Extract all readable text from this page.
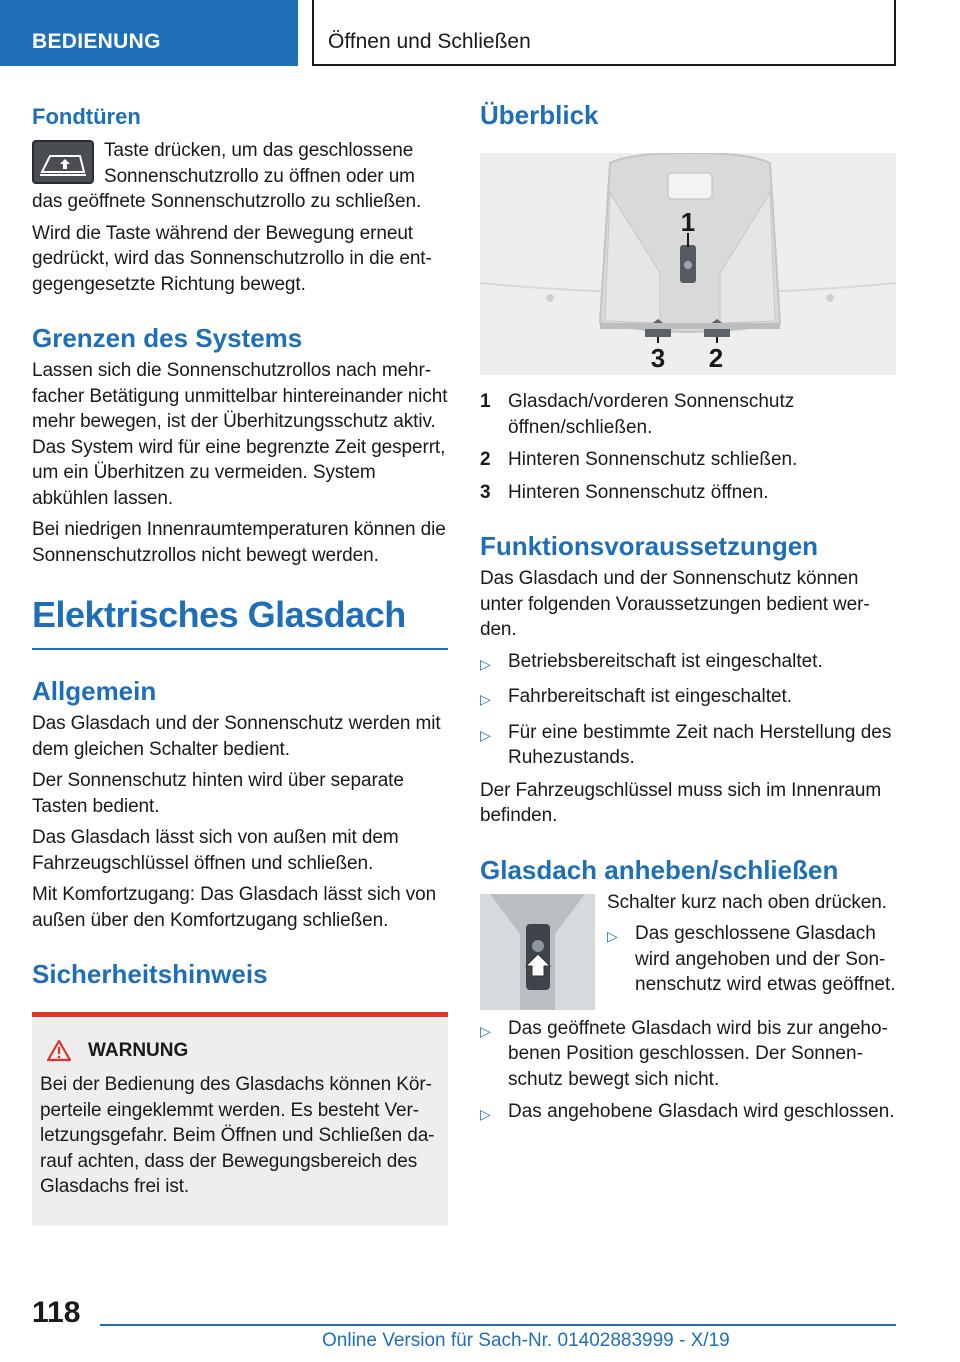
BEDIENUNG	Öffnen und Schließen
Fondtüren

Taste drücken, um das geschlossene Sonnenschutzrollo zu öffnen oder um das geöffnete Sonnenschutzrollo zu schließen.

Wird die Taste während der Bewegung erneut gedrückt, wird das Sonnenschutzrollo in die entgegengesetzte Richtung bewegt.

Grenzen des Systems

Lassen sich die Sonnenschutzrollos nach mehrfacher Betätigung unmittelbar hintereinander nicht mehr bewegen, ist der Überhitzungsschutz aktiv. Das System wird für eine begrenzte Zeit gesperrt, um ein Überhitzen zu vermeiden. System abkühlen lassen.

Bei niedrigen Innenraumtemperaturen können die Sonnenschutzrollos nicht bewegt werden.

Elektrisches Glasdach
Allgemein

Das Glasdach und der Sonnenschutz werden mit dem gleichen Schalter bedient.

Der Sonnenschutz hinten wird über separate Tasten bedient.

Das Glasdach lässt sich von außen mit dem Fahrzeugschlüssel öffnen und schließen.

Mit Komfortzugang: Das Glasdach lässt sich von außen über den Komfortzugang schließen.

Sicherheitshinweis
WARNUNG

Bei der Bedienung des Glasdachs können Körperteile eingeklemmt werden. Es besteht Verletzungsgefahr. Beim Öffnen und Schließen darauf achten, dass der Bewegungsbereich des Glasdachs frei ist.

Überblick
1
3 2
1 Glasdach/vorderen Sonnenschutz öffnen/schließen.
2 Hinteren Sonnenschutz schließen.
3 Hinteren Sonnenschutz öffnen.
Funktionsvoraussetzungen

Das Glasdach und der Sonnenschutz können unter folgenden Voraussetzungen bedient werden.

▷ Betriebsbereitschaft ist eingeschaltet.
▷ Fahrbereitschaft ist eingeschaltet.
▷ Für eine bestimmte Zeit nach Herstellung des Ruhezustands.

Der Fahrzeugschlüssel muss sich im Innenraum befinden.

Glasdach anheben/schließen

Schalter kurz nach oben drücken.

▷ Das geschlossene Glasdach wird angehoben und der Sonnenschutz wird etwas geöffnet.
▷ Das geöffnete Glasdach wird bis zur angehobenen Position geschlossen. Der Sonnenschutz bewegt sich nicht.
▷ Das angehobene Glasdach wird geschlossen.
118
Online Version für Sach-Nr. 01402883999 - X/19
